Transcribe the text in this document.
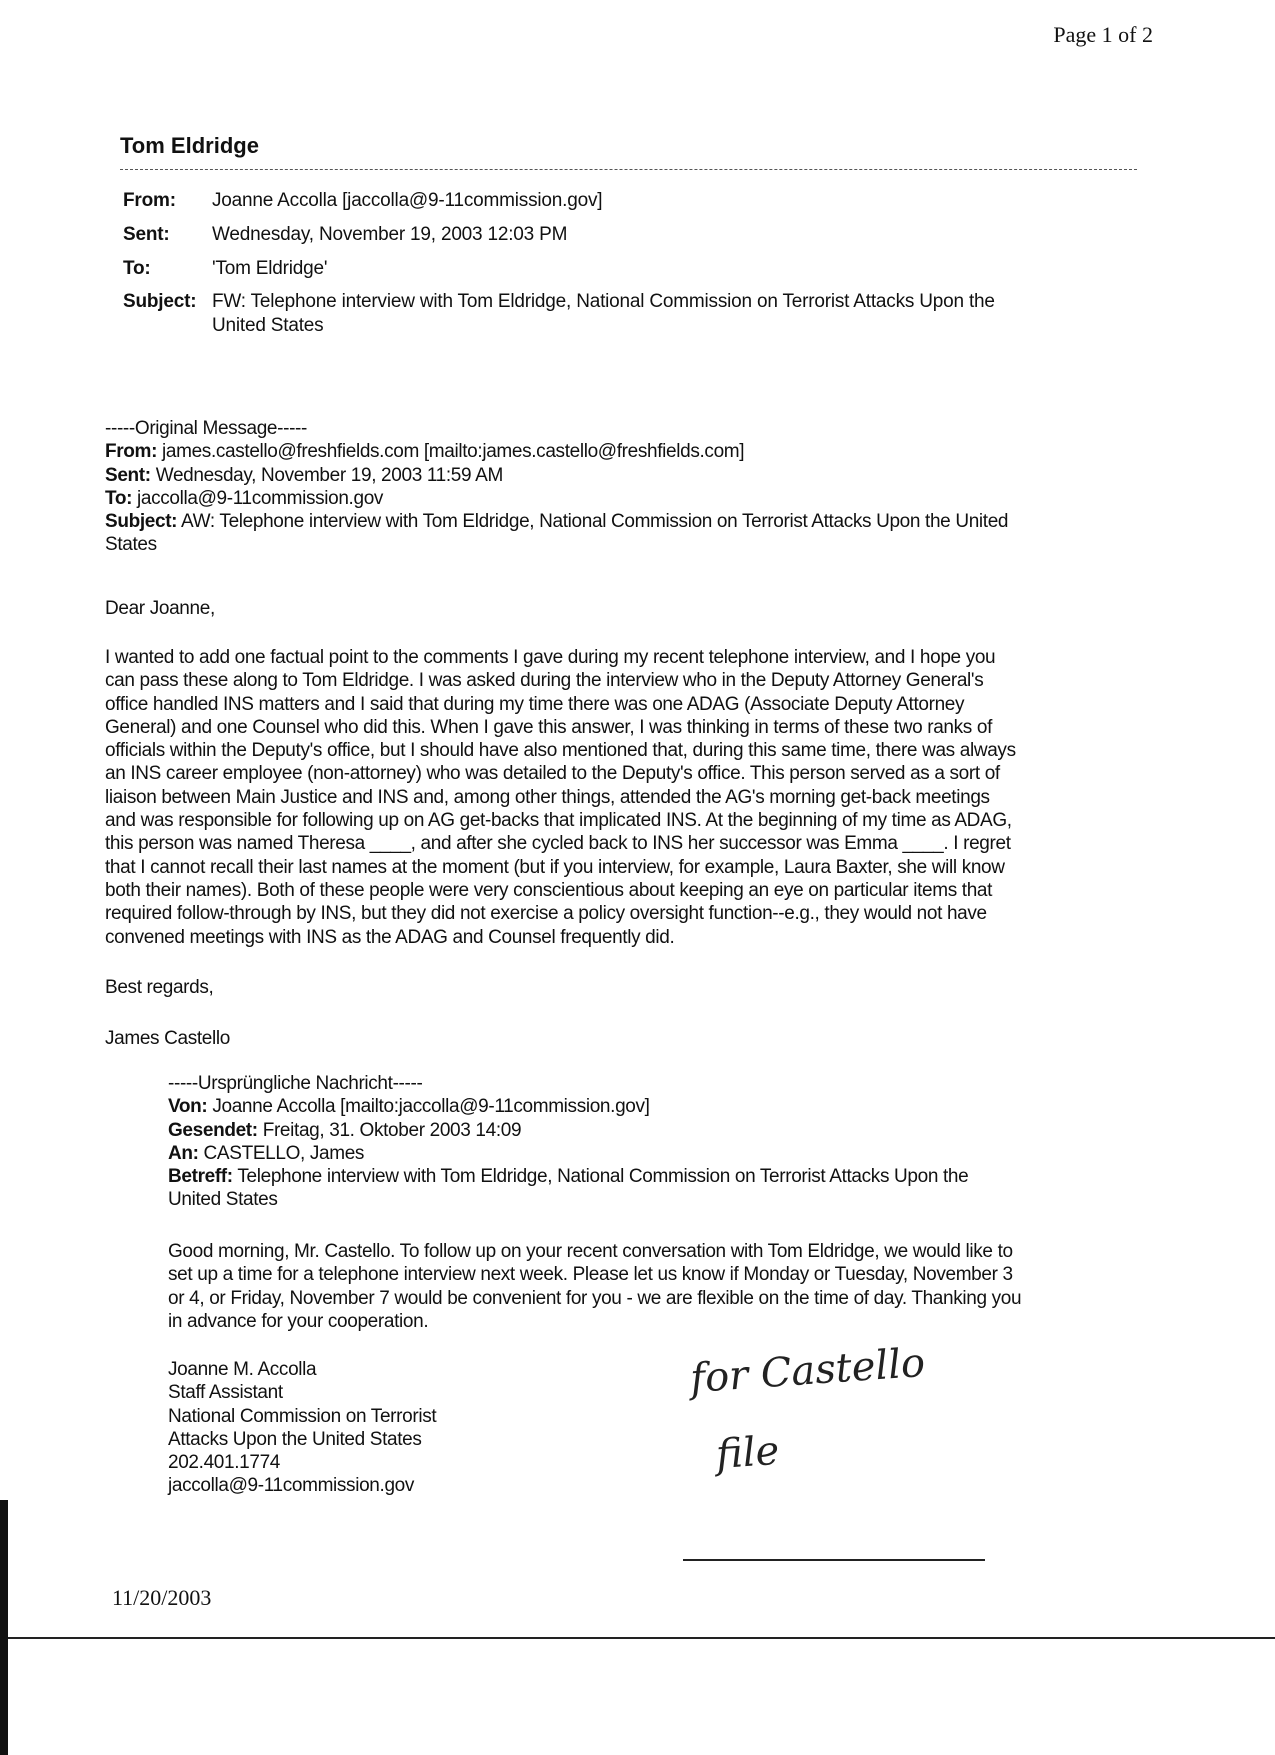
Page 1 of 2
Tom Eldridge
From: Joanne Accolla [jaccolla@9-11commission.gov]
Sent: Wednesday, November 19, 2003 12:03 PM
To:	'Tom Eldridge'
Subject: FW: Telephone interview with Tom Eldridge, National Commission on Terrorist Attacks Upon the
United States
-----Original Message-----
From: james.castello@freshfields.com [mailto:james.castello@freshfields.com]
Sent: Wednesday, November 19, 2003 11:59 AM
To: jaccolla@9-11commission.gov
Subject: AW: Telephone interview with Tom Eldridge, National Commission on Terrorist Attacks Upon the United
States
Dear Joanne,
I wanted to add one factual point to the comments I gave during my recent telephone interview, and I hope you
can pass these along to Tom Eldridge. I was asked during the interview who in the Deputy Attorney General's
office handled INS matters and I said that during my time there was one ADAG (Associate Deputy Attorney
General) and one Counsel who did this. When I gave this answer, I was thinking in terms of these two ranks of
officials within the Deputy's office, but I should have also mentioned that, during this same time, there was always
an INS career employee (non-attorney) who was detailed to the Deputy's office. This person served as a sort of
liaison between Main Justice and INS and, among other things, attended the AG's morning get-back meetings
and was responsible for following up on AG get-backs that implicated INS. At the beginning of my time as ADAG,
this person was named Theresa ____, and after she cycled back to INS her successor was Emma ____. I regret
that I cannot recall their last names at the moment (but if you interview, for example, Laura Baxter, she will know
both their names). Both of these people were very conscientious about keeping an eye on particular items that
required follow-through by INS, but they did not exercise a policy oversight function--e.g., they would not have
convened meetings with INS as the ADAG and Counsel frequently did.
Best regards,
James Castello
-----Ursprüngliche Nachricht-----
Von: Joanne Accolla [mailto:jaccolla@9-11commission.gov]
Gesendet: Freitag, 31. Oktober 2003 14:09
An: CASTELLO, James
Betreff: Telephone interview with Tom Eldridge, National Commission on Terrorist Attacks Upon the
United States
Good morning, Mr. Castello. To follow up on your recent conversation with Tom Eldridge, we would like to
set up a time for a telephone interview next week. Please let us know if Monday or Tuesday, November 3
or 4, or Friday, November 7 would be convenient for you - we are flexible on the time of day. Thanking you
in advance for your cooperation.
Joanne M. Accolla
Staff Assistant
National Commission on Terrorist
Attacks Upon the United States
202.401.1774
jaccolla@9-11commission.gov
for Castello
file
11/20/2003
